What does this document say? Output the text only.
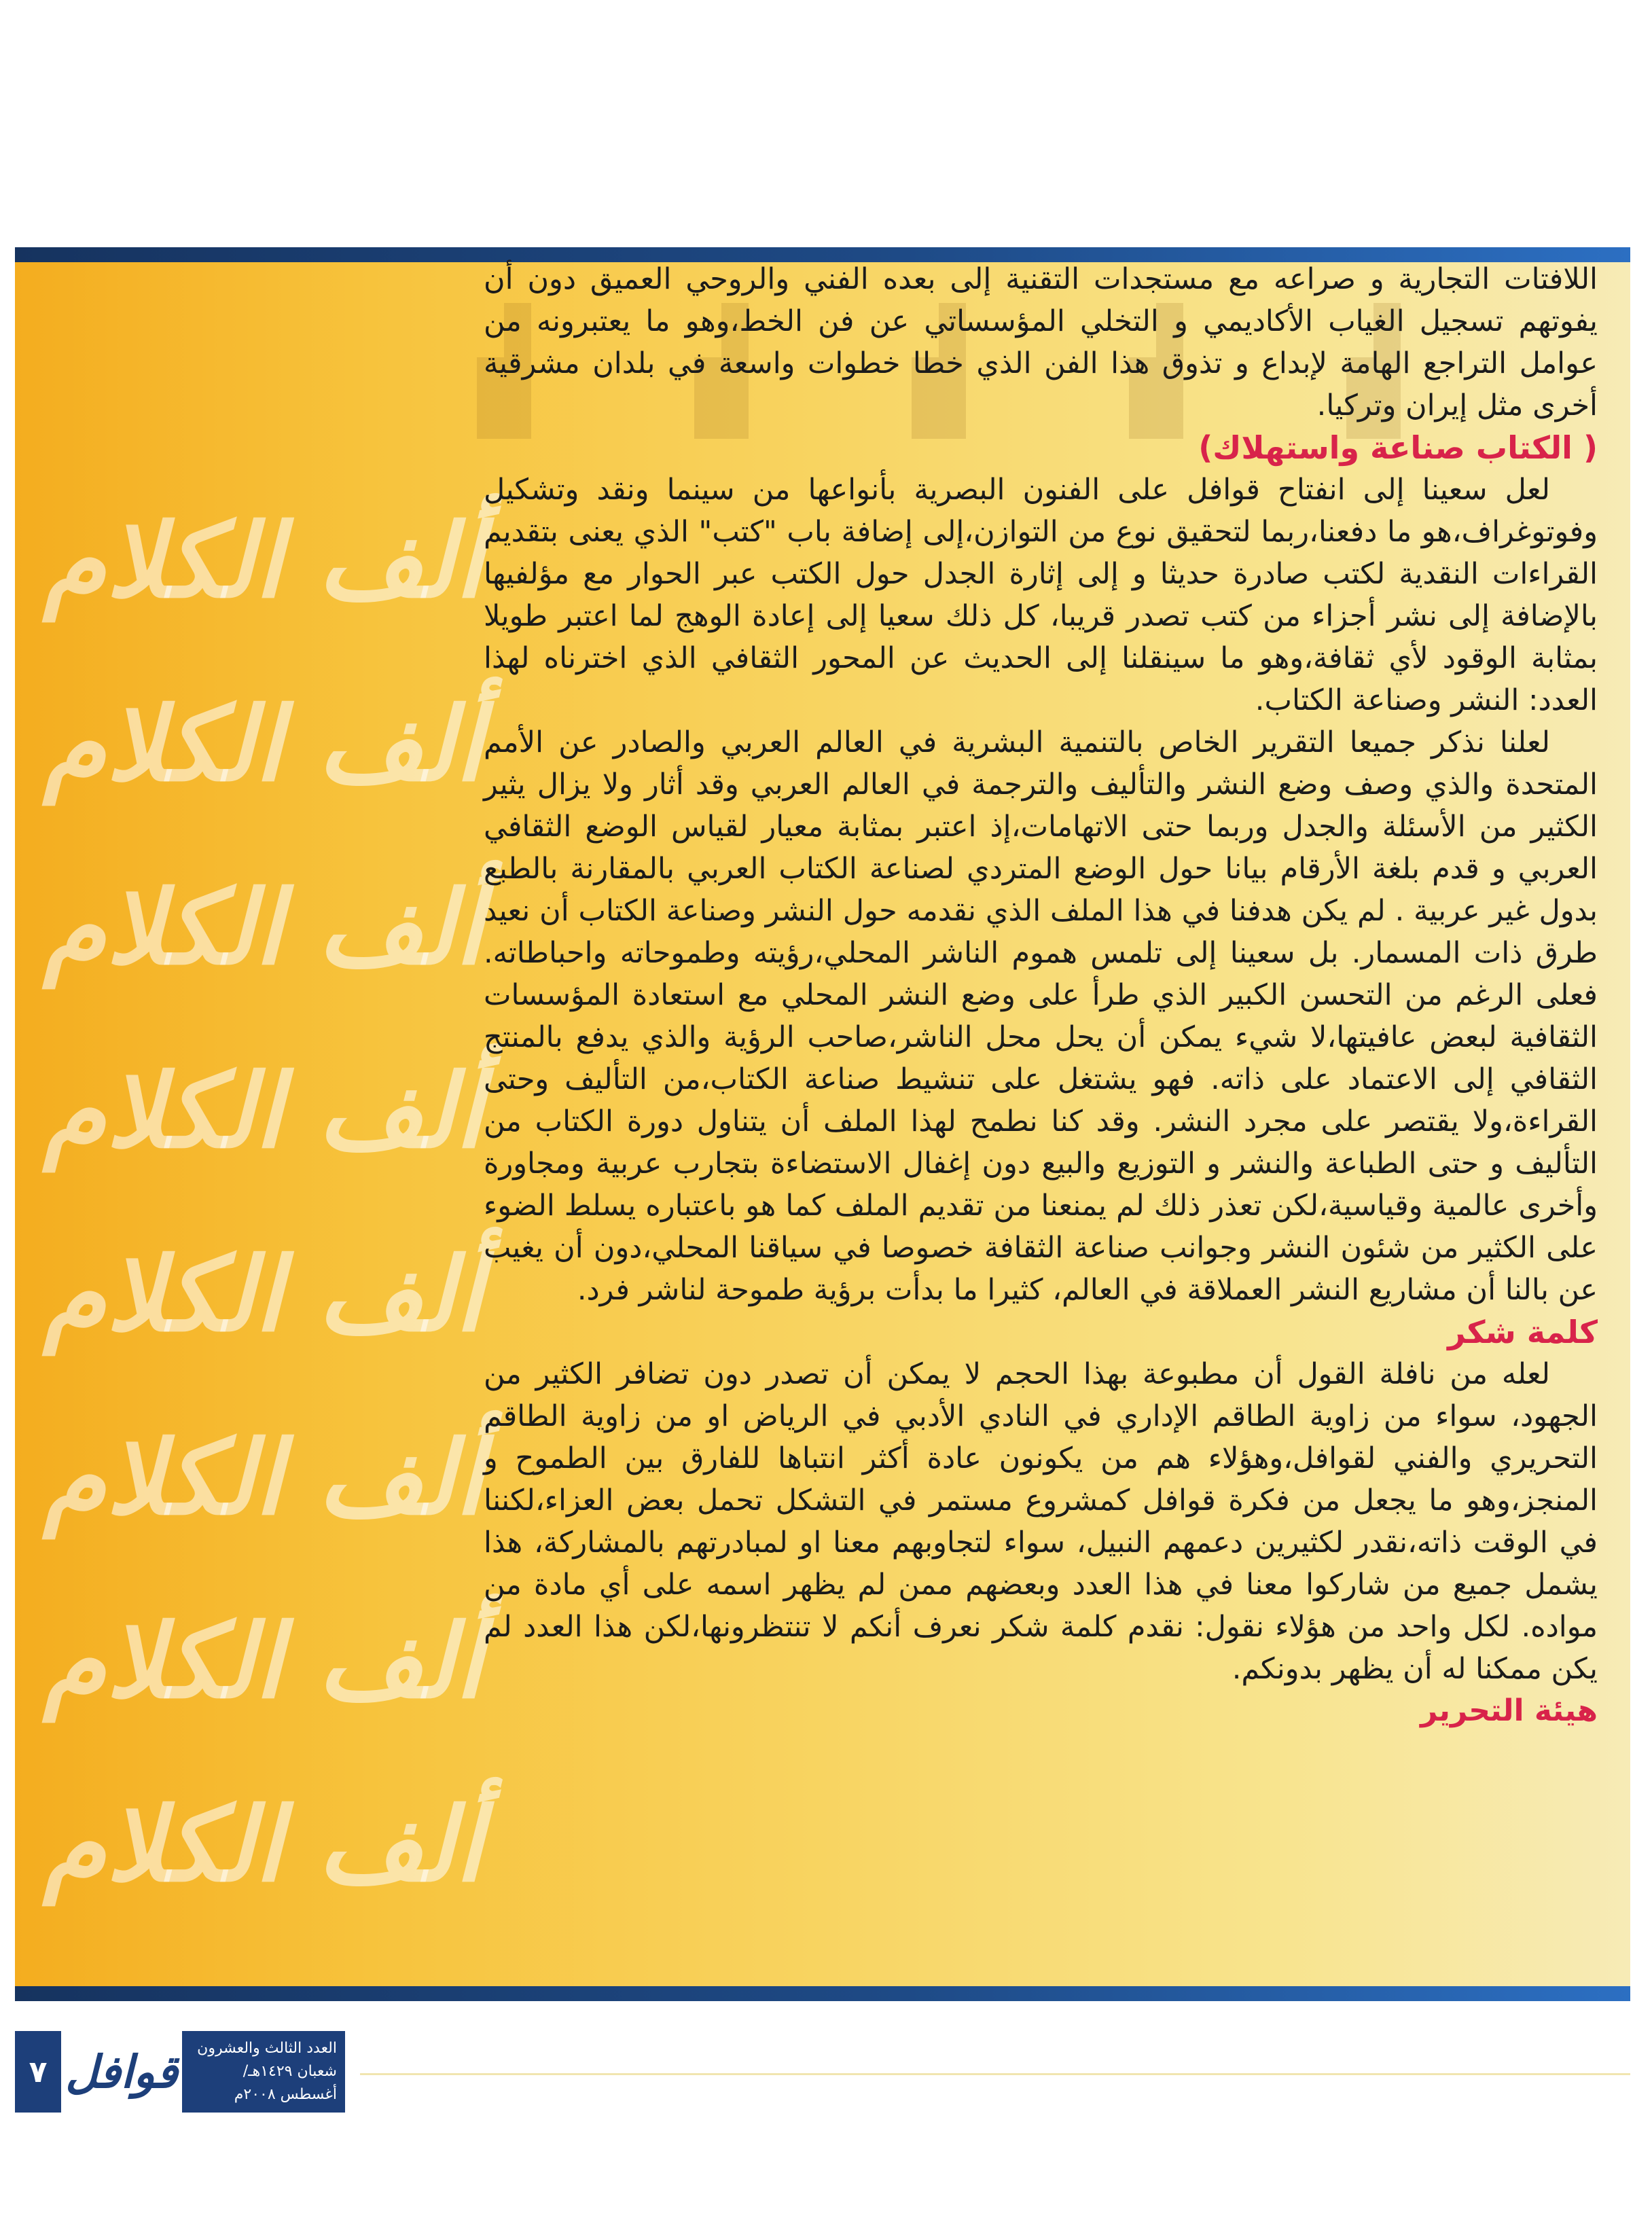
ألف الكلام
ألف الكلام
ألف الكلام
ألف الكلام
ألف الكلام
ألف الكلام
ألف الكلام
ألف الكلام

اللافتات التجارية و صراعه مع مستجدات التقنية إلى بعده الفني والروحي العميق دون أن يفوتهم تسجيل الغياب الأكاديمي و التخلي المؤسساتي عن فن الخط،وهو ما يعتبرونه من عوامل التراجع الهامة لإبداع و تذوق هذا الفن الذي خطا خطوات واسعة في بلدان مشرقية أخرى مثل إيران وتركيا.

( الكتاب صناعة واستهلاك)

لعل سعينا إلى انفتاح قوافل على الفنون البصرية بأنواعها من سينما ونقد وتشكيل وفوتوغراف،هو ما دفعنا،ربما لتحقيق نوع من التوازن،إلى إضافة باب "كتب" الذي يعنى بتقديم القراءات النقدية لكتب صادرة حديثا و إلى إثارة الجدل حول الكتب عبر الحوار مع مؤلفيها بالإضافة إلى نشر أجزاء من كتب تصدر قريبا، كل ذلك سعيا إلى إعادة الوهج لما اعتبر طويلا بمثابة الوقود لأي ثقافة،وهو ما سينقلنا إلى الحديث عن المحور الثقافي الذي اخترناه لهذا العدد: النشر وصناعة الكتاب.

لعلنا نذكر جميعا التقرير الخاص بالتنمية البشرية في العالم العربي والصادر عن الأمم المتحدة والذي وصف وضع النشر والتأليف والترجمة في العالم العربي وقد أثار ولا يزال يثير الكثير من الأسئلة والجدل وربما حتى الاتهامات،إذ اعتبر بمثابة معيار لقياس الوضع الثقافي العربي و قدم بلغة الأرقام بيانا حول الوضع المتردي لصناعة الكتاب العربي بالمقارنة بالطبع بدول غير عربية . لم يكن هدفنا في هذا الملف الذي نقدمه حول النشر وصناعة الكتاب أن نعيد طرق ذات المسمار. بل سعينا إلى تلمس هموم الناشر المحلي،رؤيته وطموحاته واحباطاته. فعلى الرغم من التحسن الكبير الذي طرأ على وضع النشر المحلي مع استعادة المؤسسات الثقافية لبعض عافيتها،لا شيء يمكن أن يحل محل الناشر،صاحب الرؤية والذي يدفع بالمنتج الثقافي إلى الاعتماد على ذاته. فهو يشتغل على تنشيط صناعة الكتاب،من التأليف وحتى القراءة،ولا يقتصر على مجرد النشر. وقد كنا نطمح لهذا الملف أن يتناول دورة الكتاب من التأليف و حتى الطباعة والنشر و التوزيع والبيع دون إغفال الاستضاءة بتجارب عربية ومجاورة وأخرى عالمية وقياسية،لكن تعذر ذلك لم يمنعنا من تقديم الملف كما هو باعتباره يسلط الضوء على الكثير من شئون النشر وجوانب صناعة الثقافة خصوصا في سياقنا المحلي،دون أن يغيب عن بالنا أن مشاريع النشر العملاقة في العالم، كثيرا ما بدأت برؤية طموحة لناشر فرد.

كلمة شكر

لعله من نافلة القول أن مطبوعة بهذا الحجم لا يمكن أن تصدر دون تضافر الكثير من الجهود، سواء من زاوية الطاقم الإداري في النادي الأدبي في الرياض او من زاوية الطاقم التحريري والفني لقوافل،وهؤلاء هم من يكونون عادة أكثر انتباها للفارق بين الطموح و المنجز،وهو ما يجعل من فكرة قوافل كمشروع مستمر في التشكل تحمل بعض العزاء،لكننا في الوقت ذاته،نقدر لكثيرين دعمهم النبيل، سواء لتجاوبهم معنا او لمبادرتهم بالمشاركة، هذا يشمل جميع من شاركوا معنا في هذا العدد وبعضهم ممن لم يظهر اسمه على أي مادة من مواده. لكل واحد من هؤلاء نقول: نقدم كلمة شكر نعرف أنكم لا تنتظرونها،لكن هذا العدد لم يكن ممكنا له أن يظهر بدونكم.

هيئة التحرير

٧ قوافل	العدد الثالث والعشرون
شعبان ١٤٢٩هـ/ أغسطس ٢٠٠٨م
